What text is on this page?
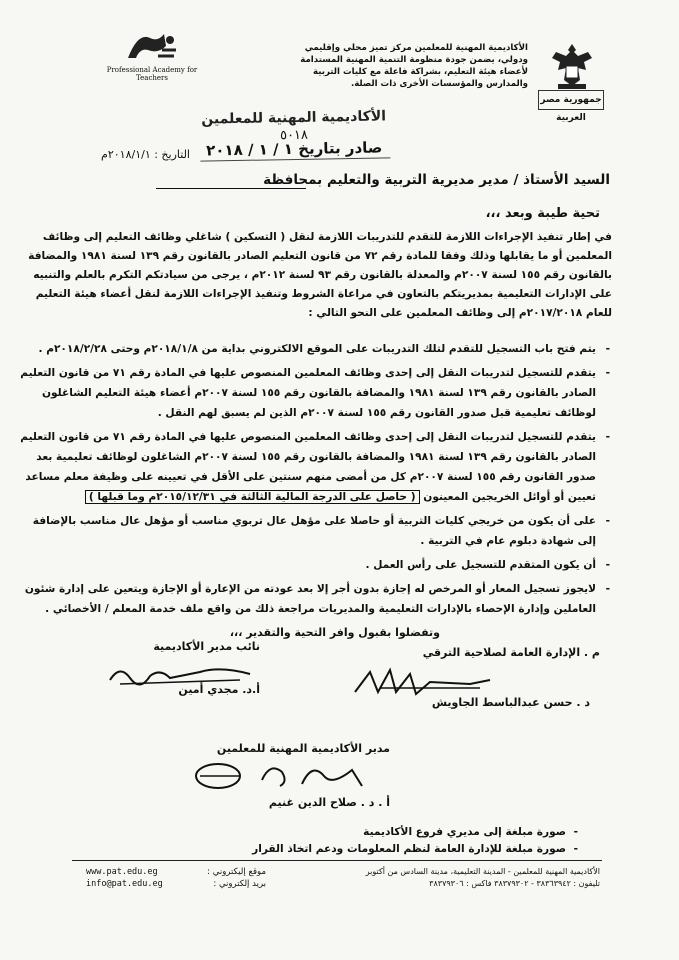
جمهورية مصر العربية
الأكاديمية المهنية للمعلمين مركز تميز محلي وإقليمي ودولي، يضمن جودة منظومة التنمية المهنية المستدامة لأعضاء هيئة التعليم، بشراكة فاعلة مع كليات التربية والمدارس والمؤسسات الأخرى ذات الصلة.
Professional Academy for Teachers
الأكاديمية المهنية للمعلمين
٥٠١٨
صادر بتاريخ ١ / ١ / ٢٠١٨
التاريخ : ٢٠١٨/١/١م
السيد الأستاذ / مدير مديرية التربية والتعليم بمحافظة
تحية طيبة وبعد ،،،
في إطار تنفيذ الإجراءات اللازمة للتقدم للتدريبات اللازمة لنقل ( التسكين ) شاغلي وظائف التعليم إلى وظائف المعلمين أو ما يقابلها وذلك وفقا للمادة رقم ٧٢ من قانون التعليم الصادر بالقانون رقم ١٣٩ لسنة ١٩٨١ والمضافة بالقانون رقم ١٥٥ لسنة ٢٠٠٧م والمعدلة بالقانون رقم ٩٣ لسنة ٢٠١٢م ، يرجى من سيادتكم التكرم بالعلم والتنبيه على الإدارات التعليمية بمديريتكم بالتعاون في مراعاة الشروط وتنفيذ الإجراءات اللازمة لنقل أعضاء هيئة التعليم للعام ٢٠١٧/٢٠١٨م إلى وظائف المعلمين على النحو التالي :
- يتم فتح باب التسجيل للتقدم لتلك التدريبات على الموقع الالكتروني بداية من ٢٠١٨/١/٨م وحتى ٢٠١٨/٢/٢٨م .
- يتقدم للتسجيل لتدريبات النقل إلى إحدى وظائف المعلمين المنصوص عليها في المادة رقم ٧١ من قانون التعليم الصادر بالقانون رقم ١٣٩ لسنة ١٩٨١ والمضافة بالقانون رقم ١٥٥ لسنة ٢٠٠٧م أعضاء هيئة التعليم الشاغلون لوظائف تعليمية قبل صدور القانون رقم ١٥٥ لسنة ٢٠٠٧م الذين لم يسبق لهم النقل .
- يتقدم للتسجيل لتدريبات النقل إلى إحدى وظائف المعلمين المنصوص عليها في المادة رقم ٧١ من قانون التعليم الصادر بالقانون رقم ١٣٩ لسنة ١٩٨١ والمضافة بالقانون رقم ١٥٥ لسنة ٢٠٠٧م الشاغلون لوظائف تعليمية بعد صدور القانون رقم ١٥٥ لسنة ٢٠٠٧م كل من أمضى منهم سنتين على الأقل في تعيينه على وظيفة معلم مساعد تعيين أو أوائل الخريجين المعينون ( حاصل على الدرجة المالية الثالثة في ٢٠١٥/١٢/٣١م وما قبلها )
- على أن يكون من خريجي كليات التربية أو حاصلا على مؤهل عال تربوي مناسب أو مؤهل عال مناسب بالإضافة إلى شهادة دبلوم عام في التربية .
- أن يكون المتقدم للتسجيل على رأس العمل .
- لايجوز تسجيل المعار أو المرخص له إجازة بدون أجر إلا بعد عودته من الإعارة أو الإجازة ويتعين على إدارة شئون العاملين وإدارة الإحصاء بالإدارات التعليمية والمديريات مراجعة ذلك من واقع ملف خدمة المعلم / الأخصائي .
وتفضلوا بقبول وافر التحية والتقدير ،،،
م . الإدارة العامة لصلاحية الترقي
د . حسن عبدالباسط الجاويش
نائب مدير الأكاديمية
أ.د. مجدي أمين
مدير الأكاديمية المهنية للمعلمين
أ . د . صلاح الدين غنيم
- صورة مبلغة إلى مديري فروع الأكاديمية
- صورة مبلغة للإدارة العامة لنظم المعلومات ودعم اتخاذ القرار
www.pat.edu.eg	موقع إليكتروني :
info@pat.edu.eg	بريد إلكتروني :
الأكاديمية المهنية للمعلمين - المدينة التعليمية، مدينة السادس من أكتوبر
تليفون : ٣٨٣٦٣٩٤٢ - ٣٨٣٧٩٣٠٢ فاكس : ٣٨٣٧٩٣٠٦
